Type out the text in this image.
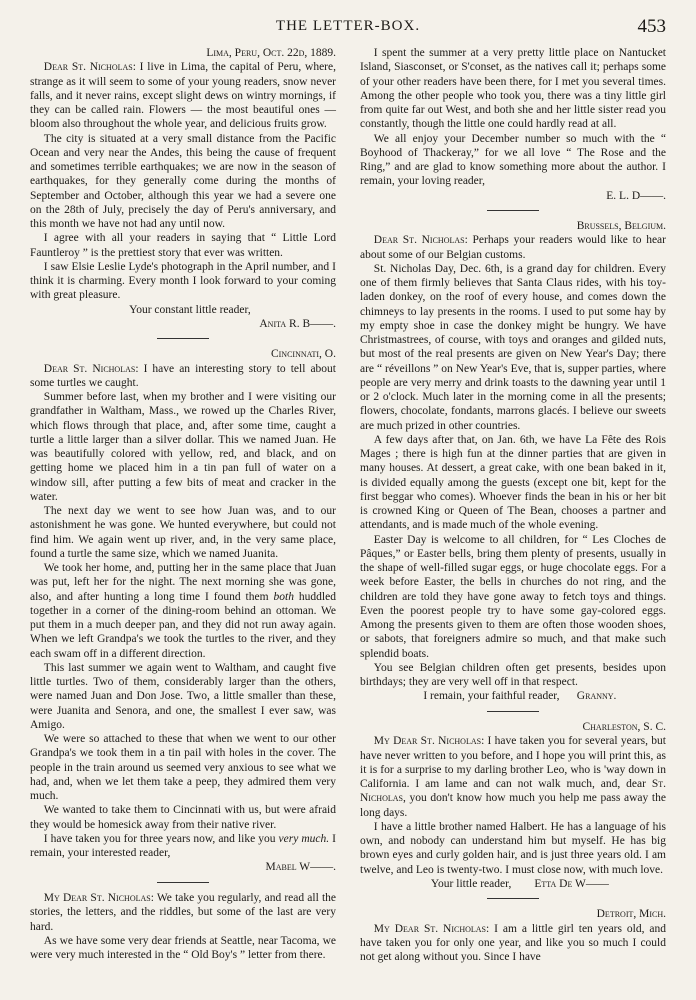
THE LETTER-BOX.	453

Lima, Peru, Oct. 22d, 1889.

Dear St. Nicholas: I live in Lima, the capital of Peru, where, strange as it will seem to some of your young readers, snow never falls, and it never rains, except slight dews on wintry mornings, if they can be called rain. Flowers — the most beautiful ones — bloom also throughout the whole year, and delicious fruits grow.

The city is situated at a very small distance from the Pacific Ocean and very near the Andes, this being the cause of frequent and sometimes terrible earthquakes; we are now in the season of earthquakes, for they generally come during the months of September and October, although this year we had a severe one on the 28th of July, precisely the day of Peru's anniversary, and this month we have not had any until now.

I agree with all your readers in saying that “ Little Lord Fauntleroy ” is the prettiest story that ever was written.

I saw Elsie Leslie Lyde's photograph in the April number, and I think it is charming. Every month I look forward to your coming with great pleasure.

Your constant little reader,

Anita R. B——.

Cincinnati, O.

Dear St. Nicholas: I have an interesting story to tell about some turtles we caught.

Summer before last, when my brother and I were visiting our grandfather in Waltham, Mass., we rowed up the Charles River, which flows through that place, and, after some time, caught a turtle a little larger than a silver dollar. This we named Juan. He was beautifully colored with yellow, red, and black, and on getting home we placed him in a tin pan full of water on a window sill, after putting a few bits of meat and cracker in the water.

The next day we went to see how Juan was, and to our astonishment he was gone. We hunted everywhere, but could not find him. We again went up river, and, in the very same place, found a turtle the same size, which we named Juanita.

We took her home, and, putting her in the same place that Juan was put, left her for the night. The next morning she was gone, also, and after hunting a long time I found them both huddled together in a corner of the dining-room behind an ottoman. We put them in a much deeper pan, and they did not run away again. When we left Grandpa's we took the turtles to the river, and they each swam off in a different direction.

This last summer we again went to Waltham, and caught five little turtles. Two of them, considerably larger than the others, were named Juan and Don Jose. Two, a little smaller than these, were Juanita and Senora, and one, the smallest I ever saw, was Amigo.

We were so attached to these that when we went to our other Grandpa's we took them in a tin pail with holes in the cover. The people in the train around us seemed very anxious to see what we had, and, when we let them take a peep, they admired them very much.

We wanted to take them to Cincinnati with us, but were afraid they would be homesick away from their native river.

I have taken you for three years now, and like you very much. I remain, your interested reader,

Mabel W——.

My Dear St. Nicholas: We take you regularly, and read all the stories, the letters, and the riddles, but some of the last are very hard.

As we have some very dear friends at Seattle, near Tacoma, we were very much interested in the “ Old Boy's ” letter from there.

I spent the summer at a very pretty little place on Nantucket Island, Siasconset, or S'conset, as the natives call it; perhaps some of your other readers have been there, for I met you several times. Among the other people who took you, there was a tiny little girl from quite far out West, and both she and her little sister read you constantly, though the little one could hardly read at all.

We all enjoy your December number so much with the “ Boyhood of Thackeray,” for we all love “ The Rose and the Ring,” and are glad to know something more about the author. I remain, your loving reader,

E. L. D——.

Brussels, Belgium.

Dear St. Nicholas: Perhaps your readers would like to hear about some of our Belgian customs.

St. Nicholas Day, Dec. 6th, is a grand day for children. Every one of them firmly believes that Santa Claus rides, with his toy-laden donkey, on the roof of every house, and comes down the chimneys to lay presents in the rooms. I used to put some hay by my empty shoe in case the donkey might be hungry. We have Christmastrees, of course, with toys and oranges and gilded nuts, but most of the real presents are given on New Year's Day; there are “ réveillons ” on New Year's Eve, that is, supper parties, where people are very merry and drink toasts to the dawning year until 1 or 2 o'clock. Much later in the morning come in all the presents; flowers, chocolate, fondants, marrons glacés. I believe our sweets are much prized in other countries.

A few days after that, on Jan. 6th, we have La Fête des Rois Mages ; there is high fun at the dinner parties that are given in many houses. At dessert, a great cake, with one bean baked in it, is divided equally among the guests (except one bit, kept for the first beggar who comes). Whoever finds the bean in his or her bit is crowned King or Queen of The Bean, chooses a partner and attendants, and is made much of the whole evening.

Easter Day is welcome to all children, for “ Les Cloches de Pâques,” or Easter bells, bring them plenty of presents, usually in the shape of well-filled sugar eggs, or huge chocolate eggs. For a week before Easter, the bells in churches do not ring, and the children are told they have gone away to fetch toys and things. Even the poorest people try to have some gay-colored eggs. Among the presents given to them are often those wooden shoes, or sabots, that foreigners admire so much, and that make such splendid boats.

You see Belgian children often get presents, besides upon birthdays; they are very well off in that respect.

I remain, your faithful reader, Granny.

Charleston, S. C.

My Dear St. Nicholas: I have taken you for several years, but have never written to you before, and I hope you will print this, as it is for a surprise to my darling brother Leo, who is 'way down in California. I am lame and can not walk much, and, dear St. Nicholas, you don't know how much you help me pass away the long days.

I have a little brother named Halbert. He has a language of his own, and nobody can understand him but myself. He has big brown eyes and curly golden hair, and is just three years old. I am twelve, and Leo is twenty-two. I must close now, with much love.

Your little reader, Etta De W——

Detroit, Mich.

My Dear St. Nicholas: I am a little girl ten years old, and have taken you for only one year, and like you so much I could not get along without you. Since I have
